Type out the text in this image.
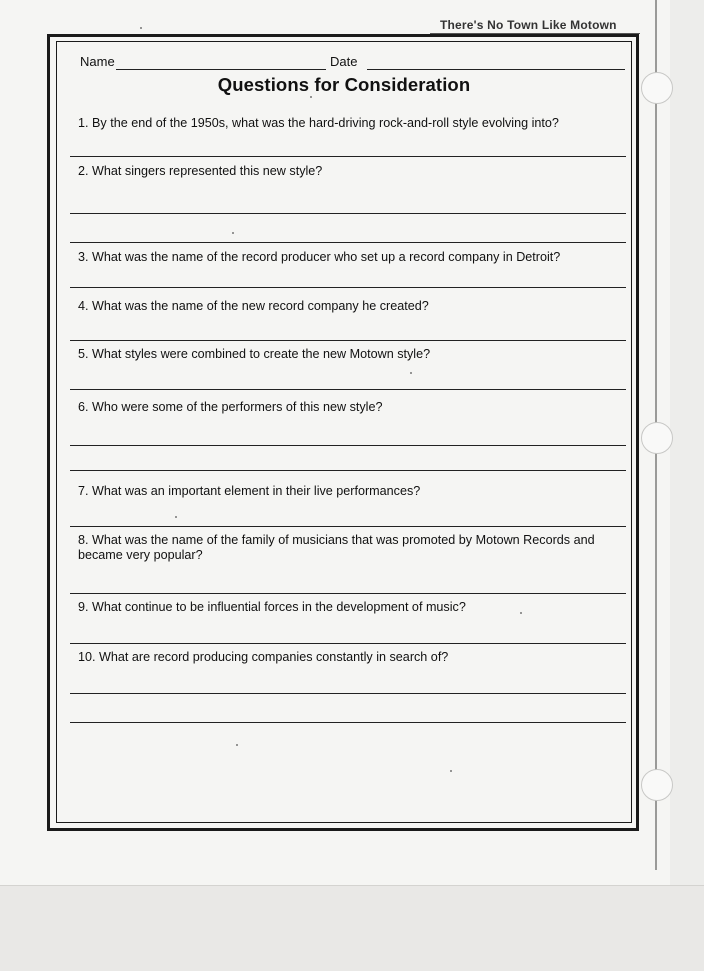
There's No Town Like Motown
Name	Date
Questions for Consideration
1. By the end of the 1950s, what was the hard-driving rock-and-roll style evolving into?
2. What singers represented this new style?
3. What was the name of the record producer who set up a record company in Detroit?
4. What was the name of the new record company he created?
5. What styles were combined to create the new Motown style?
6. Who were some of the performers of this new style?
7. What was an important element in their live performances?
8. What was the name of the family of musicians that was promoted by Motown Records and became very popular?
9. What continue to be influential forces in the development of music?
10. What are record producing companies constantly in search of?
